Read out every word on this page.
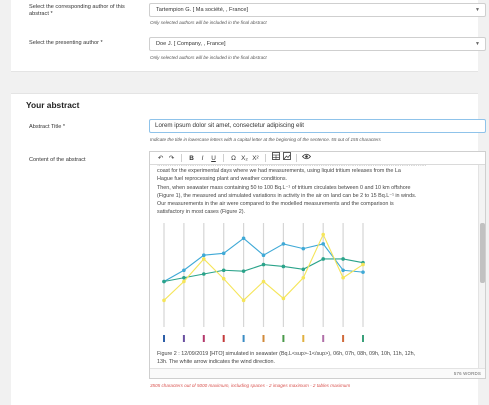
Select the corresponding author of this abstract *
Tartempion G. [ Ma société, , France]	▼
Only selected authors will be included in the final abstract
Select the presenting author *	Doe J. [ Company, , France]	▼
Only selected authors will be included in the final abstract
Your abstract
Abstract Title *	Lorem ipsum dolor sit amet, consectetur adipiscing elit
Indicate the title in lowercase letters with a capital letter at the beginning of the sentence. 55 out of 155 characters
Content of the abstract	↶ ↷	B	I	U	Ω X₂ X²
……………………………………………………………………………………………………………………………………
coast for the experimental days where we had measurements, using liquid tritium releases from the La
Hague fuel reprocessing plant and weather conditions.
Then, when seawater mass containing 50 to 100 Bq.L⁻¹ of tritium circulates between 0 and 10 km offshore
(Figure 1), the measured and simulated variations in activity in the air on land can be 2 to 15 Bq.L⁻¹ in winds.
Our measurements in the air were compared to the modelled measurements and the comparison is
satisfactory in most cases (Figure 2).
Figure 2 : 12/09/2019 [HTO] simulated in seawater (Bq.L<sup>-1</sup>), 06h, 07h, 08h, 09h, 10h, 11h, 12h,
13h. The white arrow indicates the wind direction.
576 WORDS
3505 characters out of 5000 maximum, including spaces - 2 images maximum - 2 tables maximum
